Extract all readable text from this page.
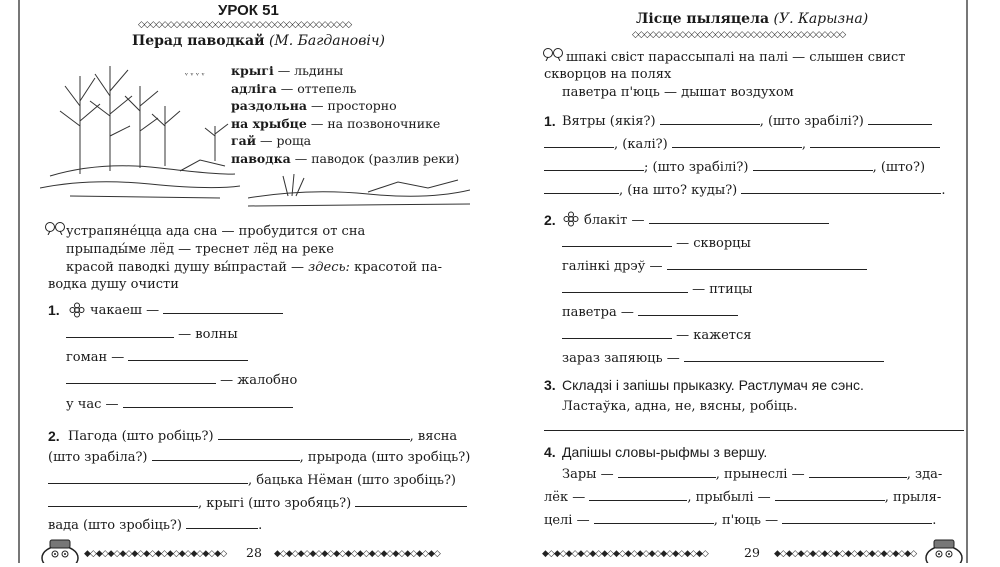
УРОК 51
◇◇◇◇◇◇◇◇◇◇◇◇◇◇◇◇◇◇◇◇◇◇◇◇◇◇◇◇◇◇◇◇◇◇◇◇
Перад паводкай (М. Багдановіч)
ᵛ ᵛ ᵛ ᵛ крыгі — льдины
адліга — оттепель
раздольна — просторно
на хрыбце — на позвоночнике
гай — роща
паводка — паводок (разлив реки)
устрапяне́цца ада сна — пробудится от сна
прыпады́ме лёд — треснет лёд на реке
красой паводкі душу вы́прастай — здесь: красотой па-
водка душу очисти
1. чакаеш —
— волны
гоман —
— жалобно
у час —
2. Пагода (што робіць?)	, вясна
(што зрабіла?)	, прырода (што зробіць?)
, бацька Нёман (што зробіць?)
, крыгі (што зробяць?)
вада (што зробіць?)	.
◆◇◆◇◆◇◆◇◆◇◆◇◆◇◆◇◆◇◆◇◆◇◆◇	28 ◆◇◆◇◆◇◆◇◆◇◆◇◆◇◆◇◆◇◆◇◆◇◆◇◆◇◆◇
Лісце пыляцела (У. Карызна)
◇◇◇◇◇◇◇◇◇◇◇◇◇◇◇◇◇◇◇◇◇◇◇◇◇◇◇◇◇◇◇◇◇◇◇◇
шпакі свіст парассыпалі на палі — слышен свист
скворцов на полях
паветра п'юць — дышат воздухом
1. Вятры (якія?)	, (што зрабілі?)
, (калі?)	,
; (што зрабілі?)	, (што?)
, (на што? куды?)	.
2. блакіт —
— скворцы
галінкі дрэў —
— птицы
паветра —
— кажется
зараз запяюць —
3. Складзі і запішы прыказку. Растлумач яе сэнс.
Ластаўка, адна, не, вясны, робіць.
4. Дапішы словы-рыфмы з вершу.
Зары —	, прынеслі —	, зда-
лёк —	, прыбылі —	, прыля-
целі —	, п'юць —	.
◆◇◆◇◆◇◆◇◆◇◆◇◆◇◆◇◆◇◆◇◆◇◆◇◆◇◆◇	29 ◆◇◆◇◆◇◆◇◆◇◆◇◆◇◆◇◆◇◆◇◆◇◆◇
